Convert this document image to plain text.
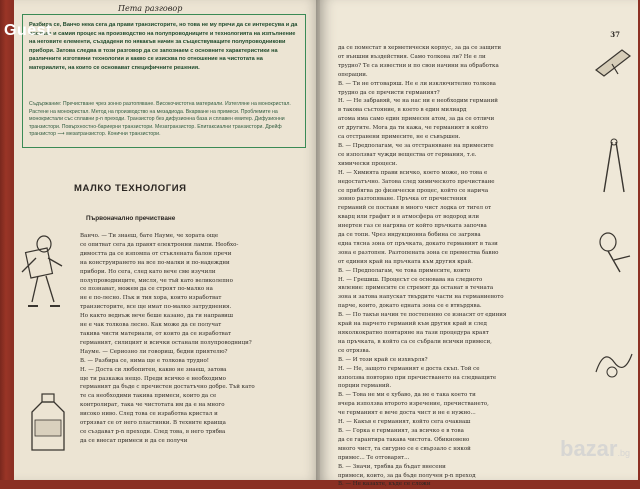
Пета разговор
Разбира се, Ванчо нека сега да прави транзисторите, но това не му пречи да се интересува и да опознае и самия процес на производство на полупроводниците и технологията на изпълнение на неговите елементи, създадени по някакъв начин за съществуващите полупроводникови прибори. Затова следва в този разговор да се запознаем с основните характеристики на различните изготвяни технологии и какво се изисква по отношение на чистотата на материалите, на които се основават специфичните решения.
Съдържание: Пречистване чрез зонно разтопяване. Високочистотна материали. Изтегляне на монокристал. Растене на монокристал. Метод на производство на мезадиода. Вкарване на примеси. Проблемите на монокристали със сплавни p-n преходи. Транзистор без дифузионна база и сплавен емитер. Дифузионни транзистори. Повърхностно-бариерни транзистори. Мезатранзистор. Епитаксиални транзистори. Дрейф транзистор ⟶ мезатранзистор. Конични транзистори.
МАЛКО ТЕХНОЛОГИЯ
Първоначално пречистване
Ванчо. — Ти знаеш, бате Науме, че хората още
се опитват сега да правят електронни лампи. Необхо-
димостта да се изпомпа от стъклената балон пречи
на конструирането на все по-малки и по-надеждни
прибори. Но сега, след като вече сме изучили
полупроводниците, мисля, че тъй като великолепно
се познават, можем да се строят по-малко на
не е по-лесно. Пък и тия хора, които изработват
транзисторите, все ще имат по-малко затруднения.
Но както веднъж вече беше казано, да ги направиш
не е чак толкова лесно. Как може да се получат
такива чисти материали, от които да се изработват
германият, силицият и всички останали полупроводници?
Науме. — Сериозно ли говориш, бедни приятелю?
В. — Разбира се, нима ще е толкова трудно!
Н. — Доста си любопитен, какво не знаеш, затова
ще ти разкажа нещо. Преди всичко е необходимо
германият да бъде с пречистен достатъчно добре. Тъй като
те са необходими такива примеси, които да се
контролират, така че чистотата им да е на много
високо ниво. След това се изработва кристал и
отрязват се от него пластинки. В техните краища
се създават p-n преходи. След това, в него трябва
да се внесат примеси и да се получи
37
да се поместат в херметически корпус, за да се защити
от външни въздействия. Само толкова ли? Не е ли
трудно? Те са известни и по свои начини на обработка
операции.
В. — Ти не отговаряш. Не е ли изключително толкова
трудно да се пречисти германият?
Н. — Не забравяй, че на нас ни е необходим германий
в такова състояние, в което в един милиард
атома има само един примесен атом, за да се отличи
от другите. Мога да ти кажа, че германият в който
са отстранени примесите, не е съвършен.
В. — Предполагам, че за отстраняване на примесите
се използват чужди вещества от германия, т.е.
химически процеси.
Н. — Химията прави всичко, което може, но това е
недостатъчно. Затова след химическото пречистване
се прибягва до физически процес, който се нарича
зонно разтопяване. Пръчка от пречистения
германий се поставя в много чист лодка от тигел от
кварц или графит и в атмосфера от водород или
инертен газ се нагрява от който пръчката започва
да се топи. Чрез индукционна бобина се загрява
една тясна зона от пръчката, докато германият в тази
зона е разтопен. Разтопената зона се премества бавно
от единия край на пръчката към другия край.
В. — Предполагам, че това примесите, които
Н. — Грешиш. Процесът се основава на следното
явление: примесите се стремят да останат в течната
зона и затова напускат твърдите части на германиевото
парче, които, докато едната зона се е втвърдява.
В. — По такъв начин те постепенно се изнасят от единия
край на парчето германий към другия край и след
няколкократно повтаряне на тази процедура краят
на пръчката, в който са се събрали всички примеси,
се отрязва.
В. — И този край се изхвърля?
Н. — Не, защото германият е доста скъп. Той се
използва повторно при пречистването на следващите
порции германий.
В. — Това не ми е хубаво, да не е така което ти
вчера използва второто изречение, пречистването,
че германият е вече доста чист и не е нужно...
Н. — Какъв е германият, който сега очакваш
В. — Горка е германият, за всичко е в това
да се гарантира такава чистота. Обикновено
много чист, та сигурно се е свързало с някой
примес... Те отговарят...
В. — Значи, трябва да бъдат внесени
примеси, които, за да бъде получен p-n преход
В. — Не казахте, къде се сложи
Guest
bazar.bg
